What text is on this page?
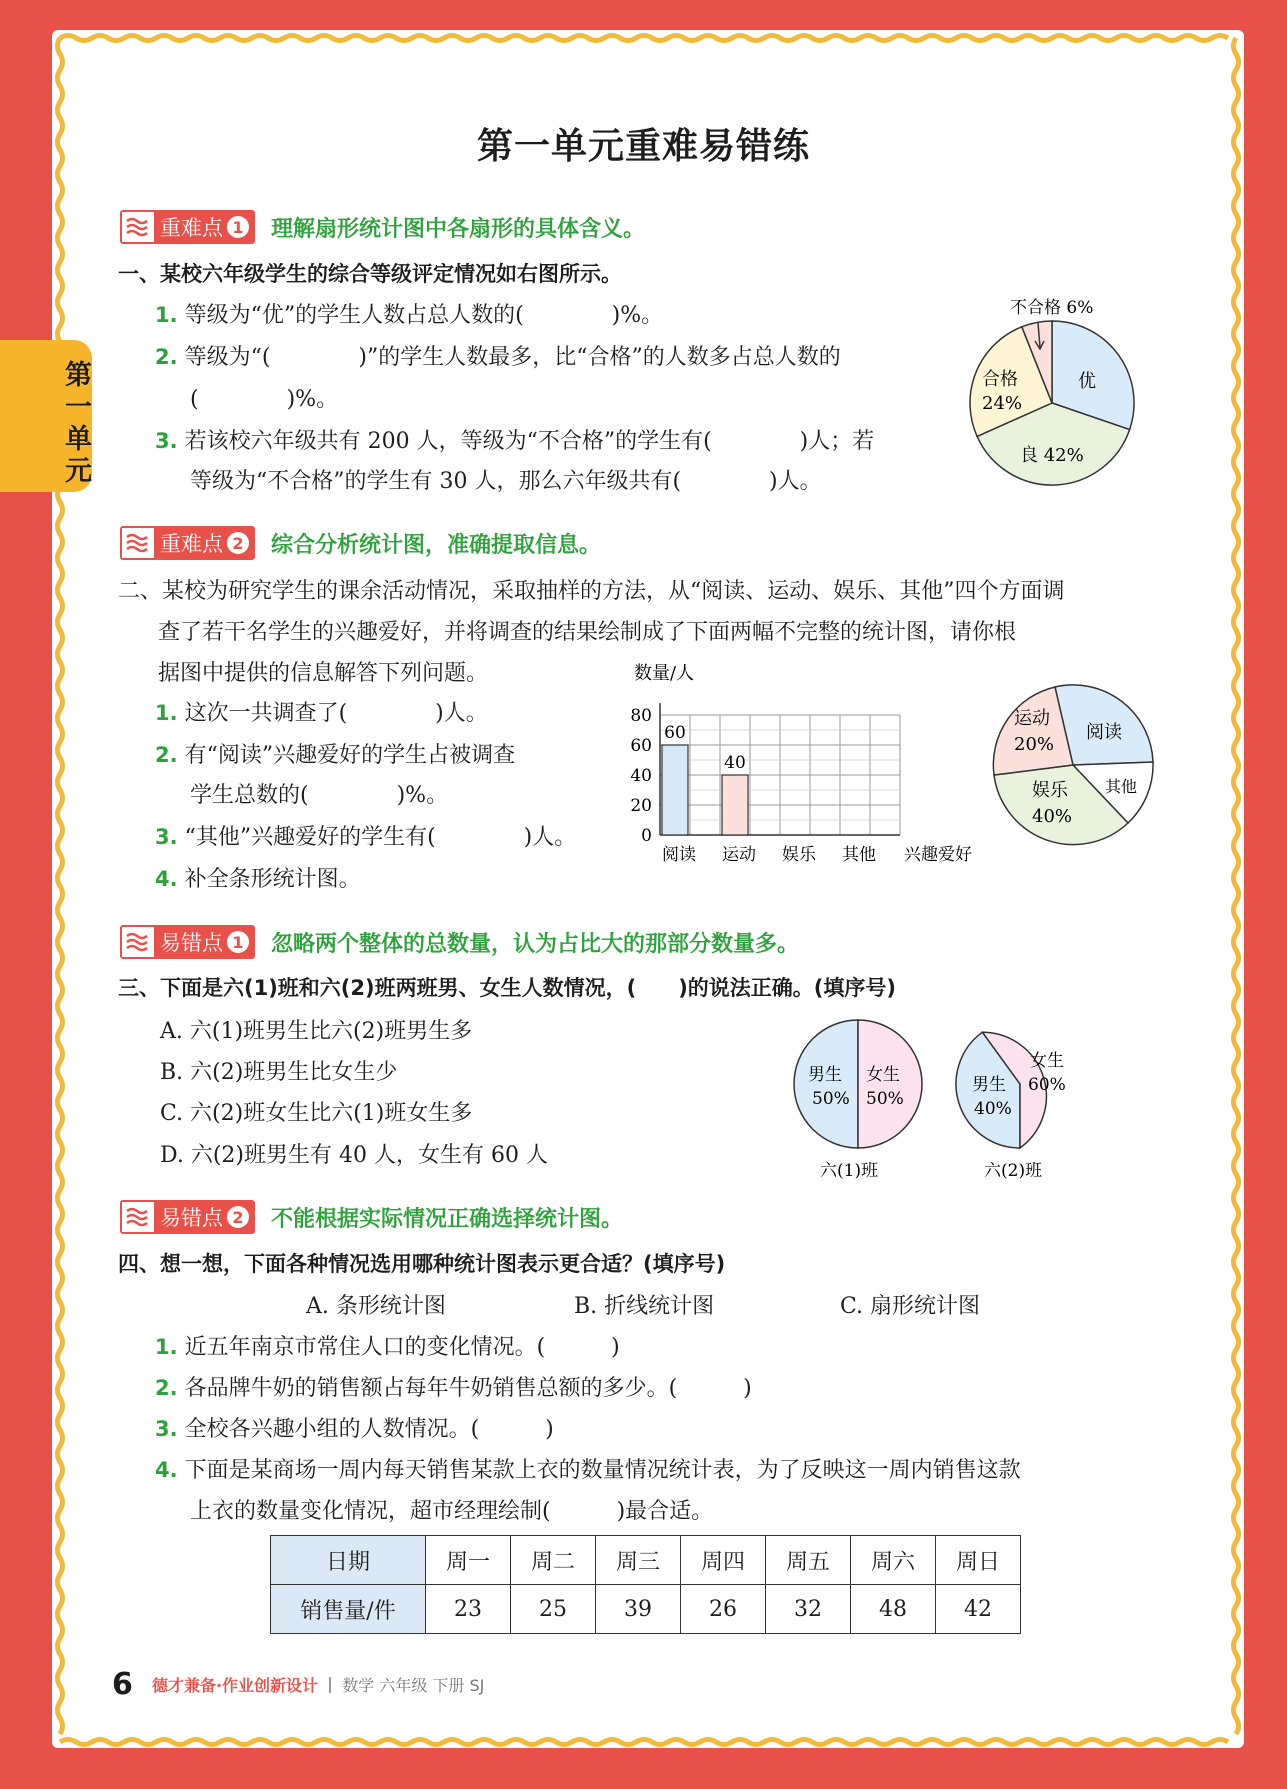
第一单元
第一单元重难易错练
重难点 1 理解扇形统计图中各扇形的具体含义。
一、某校六年级学生的综合等级评定情况如右图所示。
1. 等级为“优”的学生人数占总人数的(　　　　)%。
2. 等级为“(　　　　)”的学生人数最多，比“合格”的人数多占总人数的
(　　　　)%。
3. 若该校六年级共有 200 人，等级为“不合格”的学生有(　　　　)人；若
等级为“不合格”的学生有 30 人，那么六年级共有(　　　　)人。
不合格 6%
优
合格
24%
良 42%
重难点 2 综合分析统计图，准确提取信息。
二、某校为研究学生的课余活动情况，采取抽样的方法，从“阅读、运动、娱乐、其他”四个方面调
查了若干名学生的兴趣爱好，并将调查的结果绘制成了下面两幅不完整的统计图，请你根
据图中提供的信息解答下列问题。
1. 这次一共调查了(　　　　)人。
2. 有“阅读”兴趣爱好的学生占被调查
学生总数的(　　　　)%。
3. “其他”兴趣爱好的学生有(　　　　)人。
4. 补全条形统计图。
数量/人
0
20
40
60
80
60
阅读
40
运动 娱乐 其他 兴趣爱好
运动
20%
阅读
娱乐
40%
其他
易错点 1 忽略两个整体的总数量，认为占比大的那部分数量多。
三、下面是六(1)班和六(2)班两班男、女生人数情况，(　　)的说法正确。(填序号)
A. 六(1)班男生比六(2)班男生多
B. 六(2)班男生比女生少
C. 六(2)班女生比六(1)班女生多
D. 六(2)班男生有 40 人，女生有 60 人
男生
50%
女生
50%
六(1)班
男生
40%
女生
60%
六(2)班
易错点 2 不能根据实际情况正确选择统计图。
四、想一想，下面各种情况选用哪种统计图表示更合适？(填序号)
A. 条形统计图	B. 折线统计图	C. 扇形统计图
1. 近五年南京市常住人口的变化情况。(　　　)
2. 各品牌牛奶的销售额占每年牛奶销售总额的多少。(　　　)
3. 全校各兴趣小组的人数情况。(　　　)
4. 下面是某商场一周内每天销售某款上衣的数量情况统计表，为了反映这一周内销售这款
上衣的数量变化情况，超市经理绘制(　　　)最合适。
日期	周一	周二	周三	周四	周五	周六	周日
销售量/件	23	25	39	26	32	48	42
6 德才兼备·作业创新设计 数学 六年级 下册 SJ
